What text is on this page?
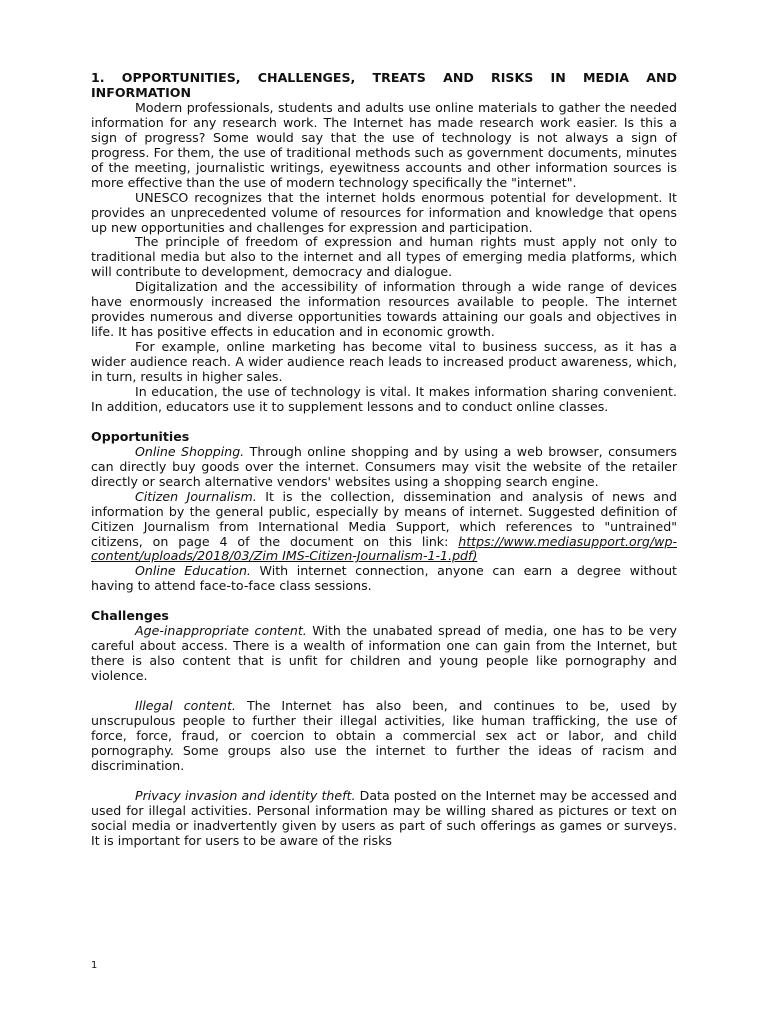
1. OPPORTUNITIES, CHALLENGES, TREATS AND RISKS IN MEDIA AND INFORMATION

Modern professionals, students and adults use online materials to gather the needed information for any research work. The Internet has made research work easier. Is this a sign of progress? Some would say that the use of technology is not always a sign of progress. For them, the use of traditional methods such as government documents, minutes of the meeting, journalistic writings, eyewitness accounts and other information sources is more effective than the use of modern technology specifically the "internet".

UNESCO recognizes that the internet holds enormous potential for development. It provides an unprecedented volume of resources for information and knowledge that opens up new opportunities and challenges for expression and participation.

The principle of freedom of expression and human rights must apply not only to traditional media but also to the internet and all types of emerging media platforms, which will contribute to development, democracy and dialogue.

Digitalization and the accessibility of information through a wide range of devices have enormously increased the information resources available to people. The internet provides numerous and diverse opportunities towards attaining our goals and objectives in life. It has positive effects in education and in economic growth.

For example, online marketing has become vital to business success, as it has a wider audience reach. A wider audience reach leads to increased product awareness, which, in turn, results in higher sales.

In education, the use of technology is vital. It makes information sharing convenient. In addition, educators use it to supplement lessons and to conduct online classes.

Opportunities

Online Shopping. Through online shopping and by using a web browser, consumers can directly buy goods over the internet. Consumers may visit the website of the retailer directly or search alternative vendors' websites using a shopping search engine.

Citizen Journalism. It is the collection, dissemination and analysis of news and information by the general public, especially by means of internet. Suggested definition of Citizen Journalism from International Media Support, which references to "untrained" citizens, on page 4 of the document on this link: https://www.mediasupport.org/wp-content/uploads/2018/03/Zim IMS-Citizen-Journalism-1-1.pdf)

Online Education. With internet connection, anyone can earn a degree without having to attend face-to-face class sessions.

Challenges

Age-inappropriate content. With the unabated spread of media, one has to be very careful about access. There is a wealth of information one can gain from the Internet, but there is also content that is unfit for children and young people like pornography and violence.

Illegal content. The Internet has also been, and continues to be, used by unscrupulous people to further their illegal activities, like human trafficking, the use of force, force, fraud, or coercion to obtain a commercial sex act or labor, and child pornography. Some groups also use the internet to further the ideas of racism and discrimination.

Privacy invasion and identity theft. Data posted on the Internet may be accessed and used for illegal activities. Personal information may be willing shared as pictures or text on social media or inadvertently given by users as part of such offerings as games or surveys. It is important for users to be aware of the risks

1
